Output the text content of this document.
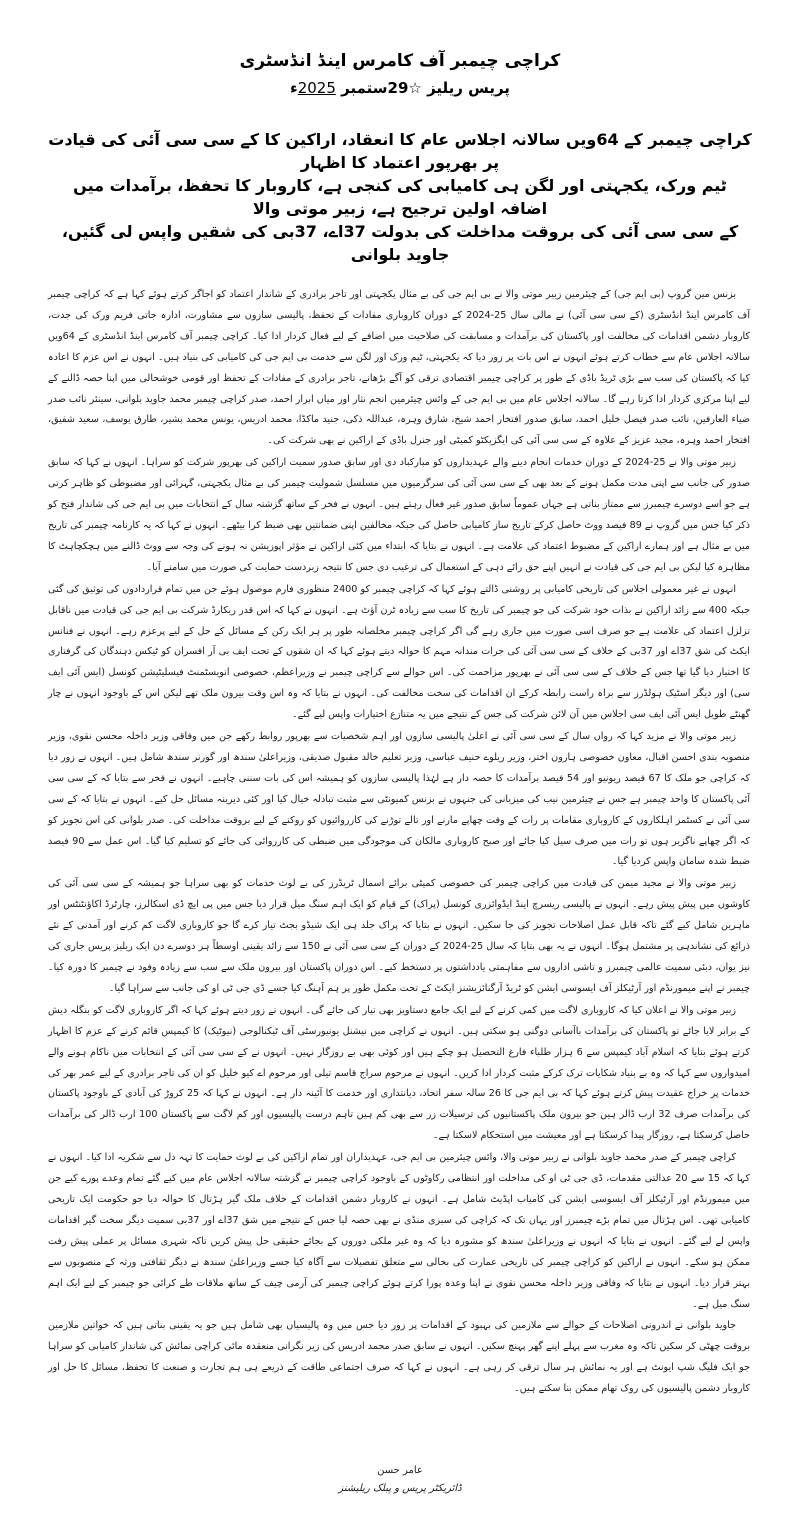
کراچی چیمبر آف کامرس اینڈ انڈسٹری

پریس ریلیز ☆29ستمبر 2025ء

کراچی چیمبر کے 64ویں سالانہ اجلاس عام کا انعقاد، اراکین کا کے سی سی آئی کی قیادت پر بھرپور اعتماد کا اظہار

ٹیم ورک، یکجہتی اور لگن ہی کامیابی کی کنجی ہے، کاروبار کا تحفظ، برآمدات میں اضافہ اولین ترجیح ہے، زبیر موتی والا

کے سی سی آئی کی بروقت مداخلت کی بدولت 37اے، 37بی کی شقیں واپس لی گئیں، جاوید بلوانی

بزنس مین گروپ (بی ایم جی) کے چیئرمین زبیر موتی والا نے بی ایم جی کی بے مثال یکجہتی اور تاجر برادری کے شاندار اعتماد کو اجاگر کرتے ہوئے کہا ہے کہ کراچی چیمبر آف کامرس اینڈ انڈسٹری (کے سی سی آئی) نے مالی سال 25-2024 کے دوران کاروباری مفادات کے تحفظ، پالیسی سازوں سے مشاورت، ادارہ جاتی فریم ورک کی جدت، کاروبار دشمن اقدامات کی مخالفت اور پاکستان کی برآمدات و مسابقت کی صلاحیت میں اضافے کے لیے فعال کردار ادا کیا۔ کراچی چیمبر آف کامرس اینڈ انڈسٹری کے 64ویں سالانہ اجلاس عام سے خطاب کرتے ہوئے انہوں نے اس بات پر زور دیا کہ یکجہتی، ٹیم ورک اور لگن سے خدمت بی ایم جی کی کامیابی کی بنیاد ہیں۔ انہوں نے اس عزم کا اعادہ کیا کہ پاکستان کی سب سے بڑی ٹریڈ باڈی کے طور پر کراچی چیمبر اقتصادی ترقی کو آگے بڑھانے، تاجر برادری کے مفادات کے تحفظ اور قومی خوشحالی میں اپنا حصہ ڈالنے کے لیے اپنا مرکزی کردار ادا کرتا رہے گا۔ سالانہ اجلاس عام میں بی ایم جی کے وائس چیئرمین انجم نثار اور میاں ابرار احمد، صدر کراچی چیمبر محمد جاوید بلوانی، سینئر نائب صدر ضیاء العارفین، نائب صدر فیصل خلیل احمد، سابق صدور افتخار احمد شیخ، شارق وہرہ، عبداللہ ذکی، جنید ماکڈا، محمد ادریس، یونس محمد بشیر، طارق یوسف، سعید شفیق، افتخار احمد وہرہ، مجید عزیز کے علاوہ کے سی سی آئی کی ایگزیکٹو کمیٹی اور جنرل باڈی کے اراکین نے بھی شرکت کی۔

زبیر موتی والا نے 25-2024 کے دوران خدمات انجام دینے والے عہدیداروں کو مبارکباد دی اور سابق صدور سمیت اراکین کی بھرپور شرکت کو سراہا۔ انہوں نے کہا کہ سابق صدور کی جانب سے اپنی مدت مکمل ہونے کے بعد بھی کے سی سی آئی کی سرگرمیوں میں مسلسل شمولیت چیمبر کی بے مثال یکجہتی، گہرائی اور مضبوطی کو ظاہر کرتی ہے جو اسے دوسرے چیمبرز سے ممتاز بناتی ہے جہاں عموماً سابق صدور غیر فعال رہتے ہیں۔ انہوں نے فخر کے ساتھ گزشتہ سال کے انتخابات میں بی ایم جی کی شاندار فتح کو ذکر کیا جس میں گروپ نے 89 فیصد ووٹ حاصل کرکے تاریخ ساز کامیابی حاصل کی جبکہ مخالفین اپنی ضمانتیں بھی ضبط کرا بیٹھے۔ انہوں نے کہا کہ یہ کارنامہ چیمبر کی تاریخ میں بے مثال ہے اور ہمارے اراکین کے مضبوط اعتماد کی علامت ہے۔ انہوں نے بتایا کہ ابتداء میں کئی اراکین نے مؤثر اپوزیشن نہ ہونے کی وجہ سے ووٹ ڈالنے میں ہچکچاہٹ کا مظاہرہ کیا لیکن بی ایم جی کی قیادت نے انہیں اپنے حق رائے دہی کے استعمال کی ترغیب دی جس کا نتیجہ زبردست حمایت کی صورت میں سامنے آیا۔

انہوں نے غیر معمولی اجلاس کی تاریخی کامیابی پر روشنی ڈالتے ہوئے کہا کہ کراچی چیمبر کو 2400 منظوری فارم موصول ہوئے جن میں تمام قراردادوں کی توثیق کی گئی جبکہ 400 سے زائد اراکین نے بذات خود شرکت کی جو چیمبر کی تاریخ کا سب سے زیادہ ٹرن آؤٹ ہے۔ انہوں نے کہا کہ اس قدر ریکارڈ شرکت بی ایم جی کی قیادت میں ناقابل تزلزل اعتماد کی علامت ہے جو صرف اسی صورت میں جاری رہے گی اگر کراچی چیمبر مخلصانہ طور پر ہر ایک رکن کے مسائل کے حل کے لیے پرعزم رہے۔ انہوں نے فنانس ایکٹ کی شق 37اے اور 37بی کے خلاف کے سی سی آئی کی جرات مندانہ مہم کا حوالہ دیتے ہوئے کہا کہ ان شقوں کے تحت ایف بی آر افسران کو ٹیکس دہندگان کی گرفتاری کا اختیار دیا گیا تھا جس کے خلاف کے سی سی آئی نے بھرپور مزاحمت کی۔ اس حوالے سے کراچی چیمبر نے وزیراعظم، خصوصی انویسٹمنٹ فیسلیٹیشن کونسل (ایس آئی ایف سی) اور دیگر اسٹیک ہولڈرز سے براہ راست رابطہ کرکے ان اقدامات کی سخت مخالفت کی۔ انہوں نے بتایا کہ وہ اس وقت بیرون ملک تھے لیکن اس کے باوجود انہوں نے چار گھنٹے طویل ایس آئی ایف سی اجلاس میں آن لائن شرکت کی جس کے نتیجے میں یہ متنازع اختیارات واپس لیے گئے۔

زبیر موتی والا نے مزید کہا کہ رواں سال کے سی سی آئی نے اعلیٰ پالیسی سازوں اور اہم شخصیات سے بھرپور روابط رکھے جن میں وفاقی وزیر داخلہ محسن نقوی، وزیر منصوبہ بندی احسن اقبال، معاون خصوصی ہارون اختر، وزیر ریلوے حنیف عباسی، وزیر تعلیم خالد مقبول صدیقی، وزیراعلیٰ سندھ اور گورنر سندھ شامل ہیں۔ انہوں نے زور دیا کہ کراچی جو ملک کا 67 فیصد ریونیو اور 54 فیصد برآمدات کا حصہ دار ہے لہٰذا پالیسی سازوں کو ہمیشہ اس کی بات سننی چاہیے۔ انہوں نے فخر سے بتایا کہ کے سی سی آئی پاکستان کا واحد چیمبر ہے جس نے چیئرمین نیب کی میزبانی کی جنہوں نے بزنس کمیونٹی سے مثبت تبادلہ خیال کیا اور کئی دیرینہ مسائل حل کیے۔ انہوں نے بتایا کہ کے سی سی آئی نے کسٹمز اہلکاروں کے کاروباری مقامات پر رات کے وقت چھاپے مارنے اور تالے توڑنے کی کارروائیوں کو روکنے کے لیے بروقت مداخلت کی۔ صدر بلوانی کی اس تجویز کو کہ اگر چھاپے ناگزیر ہوں تو رات میں صرف سیل کیا جائے اور صبح کاروباری مالکان کی موجودگی میں ضبطی کی کارروائی کی جائے کو تسلیم کیا گیا۔ اس عمل سے 90 فیصد ضبط شدہ سامان واپس کردیا گیا۔

زبیر موتی والا نے مجید میمن کی قیادت میں کراچی چیمبر کی خصوصی کمیٹی برائے اسمال ٹریڈرز کی بے لوث خدمات کو بھی سراہا جو ہمیشہ کے سی سی آئی کی کاوشوں میں پیش پیش رہے۔ انہوں نے پالیسی ریسرچ اینڈ ایڈوائزری کونسل (پراک) کے قیام کو ایک اہم سنگ میل قرار دیا جس میں پی ایچ ڈی اسکالرز، چارٹرڈ اکاؤنٹنٹس اور ماہرین شامل کیے گئے تاکہ قابل عمل اصلاحات تجویز کی جا سکیں۔ انہوں نے بتایا کہ پراک جلد ہی ایک شیڈو بجٹ تیار کرے گا جو کاروباری لاگت کم کرنے اور آمدنی کے نئے ذرائع کی نشاندہی پر مشتمل ہوگا۔ انہوں نے یہ بھی بتایا کہ سال 25-2024 کے دوران کے سی سی آئی نے 150 سے زائد یقینی اوسطاً ہر دوسرے دن ایک ریلیز پریس جاری کی نیز یوان، دبئی سمیت عالمی چیمبرز و تاشی اداروں سے مفاہمتی یادداشتوں پر دستخط کیے۔ اس دوران پاکستان اور بیرون ملک سے سب سے زیادہ وفود نے چیمبر کا دورہ کیا۔ چیمبر نے اپنے میمورنڈم اور آرٹیکلز آف ایسوسی ایشن کو ٹریڈ آرگنائزیشنز ایکٹ کے تحت مکمل طور پر ہم آہنگ کیا جسے ڈی جی ٹی او کی جانب سے سراہا گیا۔

زبیر موتی والا نے اعلان کیا کہ کاروباری لاگت میں کمی کرنے کے لیے ایک جامع دستاویز بھی تیار کی جائے گی۔ انہوں نے زور دیتے ہوئے کہا کہ اگر کاروباری لاگت کو بنگلہ دیش کے برابر لایا جائے تو پاکستان کی برآمدات باآسانی دوگنی ہو سکتی ہیں۔ انہوں نے کراچی میں نیشنل یونیورسٹی آف ٹیکنالوجی (نیوٹیک) کا کیمپس قائم کرنے کے عزم کا اظہار کرتے ہوئے بتایا کہ اسلام آباد کیمپس سے 6 ہزار طلباء فارغ التحصیل ہو چکے ہیں اور کوئی بھی بے روزگار نہیں۔ انہوں نے کے سی سی آئی کے انتخابات میں ناکام ہونے والے امیدواروں سے کہا کہ وہ بے بنیاد شکایات ترک کرکے مثبت کردار ادا کریں۔ انہوں نے مرحوم سراج قاسم تیلی اور مرحوم اے کیو خلیل کو ان کی تاجر برادری کے لیے عمر بھر کی خدمات پر خراج عقیدت پیش کرتے ہوئے کہا کہ بی ایم جی کا 26 سالہ سفر اتحاد، دیانتداری اور خدمت کا آئینہ دار ہے۔ انہوں نے کہا کہ 25 کروڑ کی آبادی کے باوجود پاکستان کی برآمدات صرف 32 ارب ڈالر ہیں جو بیرون ملک پاکستانیوں کی ترسیلات زر سے بھی کم ہیں تاہم درست پالیسیوں اور کم لاگت سے پاکستان 100 ارب ڈالر کی برآمدات حاصل کرسکتا ہے، روزگار پیدا کرسکتا ہے اور معیشت میں استحکام لاسکتا ہے۔

کراچی چیمبر کے صدر محمد جاوید بلوانی نے زبیر موتی والا، وائس چیئرمین بی ایم جی، عہدیداران اور تمام اراکین کی بے لوث حمایت کا تہہ دل سے شکریہ ادا کیا۔ انہوں نے کہا کہ 15 سے 20 عدالتی مقدمات، ڈی جی ٹی او کی مداخلت اور انتظامی رکاوٹوں کے باوجود کراچی چیمبر نے گزشتہ سالانہ اجلاس عام میں کیے گئے تمام وعدے پورے کیے جن میں میمورنڈم اور آرٹیکلز آف ایسوسی ایشن کی کامیاب اپڈیٹ شامل ہے۔ انہوں نے کاروبار دشمن اقدامات کے خلاف ملک گیر ہڑتال کا حوالہ دیا جو حکومت ایک تاریخی کامیابی تھی۔ اس ہڑتال میں تمام بڑے چیمبرز اور یہاں تک کہ کراچی کی سبزی منڈی نے بھی حصہ لیا جس کے نتیجے میں شق 37اے اور 37بی سمیت دیگر سخت گیر اقدامات واپس لے لیے گئے۔ انہوں نے بتایا کہ انہوں نے وزیراعلیٰ سندھ کو مشورہ دیا کہ وہ غیر ملکی دوروں کے بجائے حقیقی حل پیش کریں تاکہ شہری مسائل پر عملی پیش رفت ممکن ہو سکے۔ انہوں نے اراکین کو کراچی چیمبر کی تاریخی عمارت کی بحالی سے متعلق تفصیلات سے آگاہ کیا جسے وزیراعلیٰ سندھ نے دیگر ثقافتی ورثہ کے منصوبوں سے بہتر قرار دیا۔ انہوں نے بتایا کہ وفاقی وزیر داخلہ محسن نقوی نے اپنا وعدہ پورا کرتے ہوئے کراچی چیمبر کی آرمی چیف کے ساتھ ملاقات طے کرائی جو چیمبر کے لیے ایک اہم سنگ میل ہے۔

جاوید بلوانی نے اندرونی اصلاحات کے حوالے سے ملازمین کی بہبود کے اقدامات پر زور دیا جس میں وہ پالیسیاں بھی شامل ہیں جو یہ یقینی بناتی ہیں کہ خواتین ملازمین بروقت چھٹی کر سکیں تاکہ وہ مغرب سے پہلے اپنے گھر پہنچ سکیں۔ انہوں نے سابق صدر محمد ادریس کی زیر نگرانی منعقدہ مائی کراچی نمائش کی شاندار کامیابی کو سراہا جو ایک فلیگ شپ ایونٹ ہے اور یہ نمائش ہر سال ترقی کر رہی ہے۔ انہوں نے کہا کہ صرف اجتماعی طاقت کے ذریعے ہی ہم تجارت و صنعت کا تحفظ، مسائل کا حل اور کاروبار دشمن پالیسیوں کی روک تھام ممکن بنا سکتے ہیں۔

عامر حسن
ڈائریکٹر پریس و پبلک ریلیشنز
